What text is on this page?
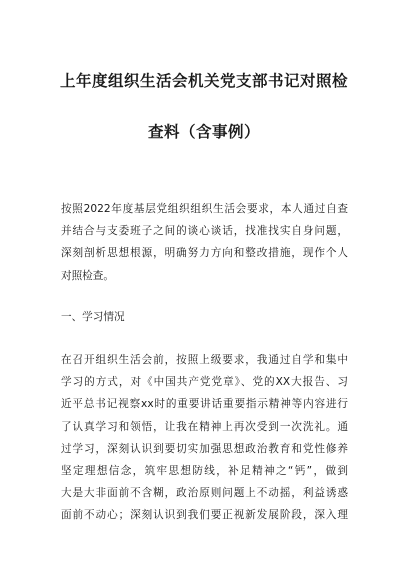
上年度组织生活会机关党支部书记对照检
查料（含事例）
按照2022年度基层党组织组织生活会要求，本人通过自查
并结合与支委班子之间的谈心谈话，找准找实自身问题，
深刻剖析思想根源，明确努力方向和整改措施，现作个人
对照检查。
一、学习情况
在召开组织生活会前，按照上级要求，我通过自学和集中
学习的方式，对《中国共产党党章》、党的XX大报告、习
近平总书记视察xx时的重要讲话重要指示精神等内容进行
了认真学习和领悟，让我在精神上再次受到一次洗礼。通
过学习，深刻认识到要切实加强思想政治教育和党性修养
坚定理想信念，筑牢思想防线，补足精神之“钙”，做到
大是大非面前不含糊，政治原则问题上不动摇，利益诱惑
面前不动心；深刻认识到我们要正视新发展阶段，深入理
